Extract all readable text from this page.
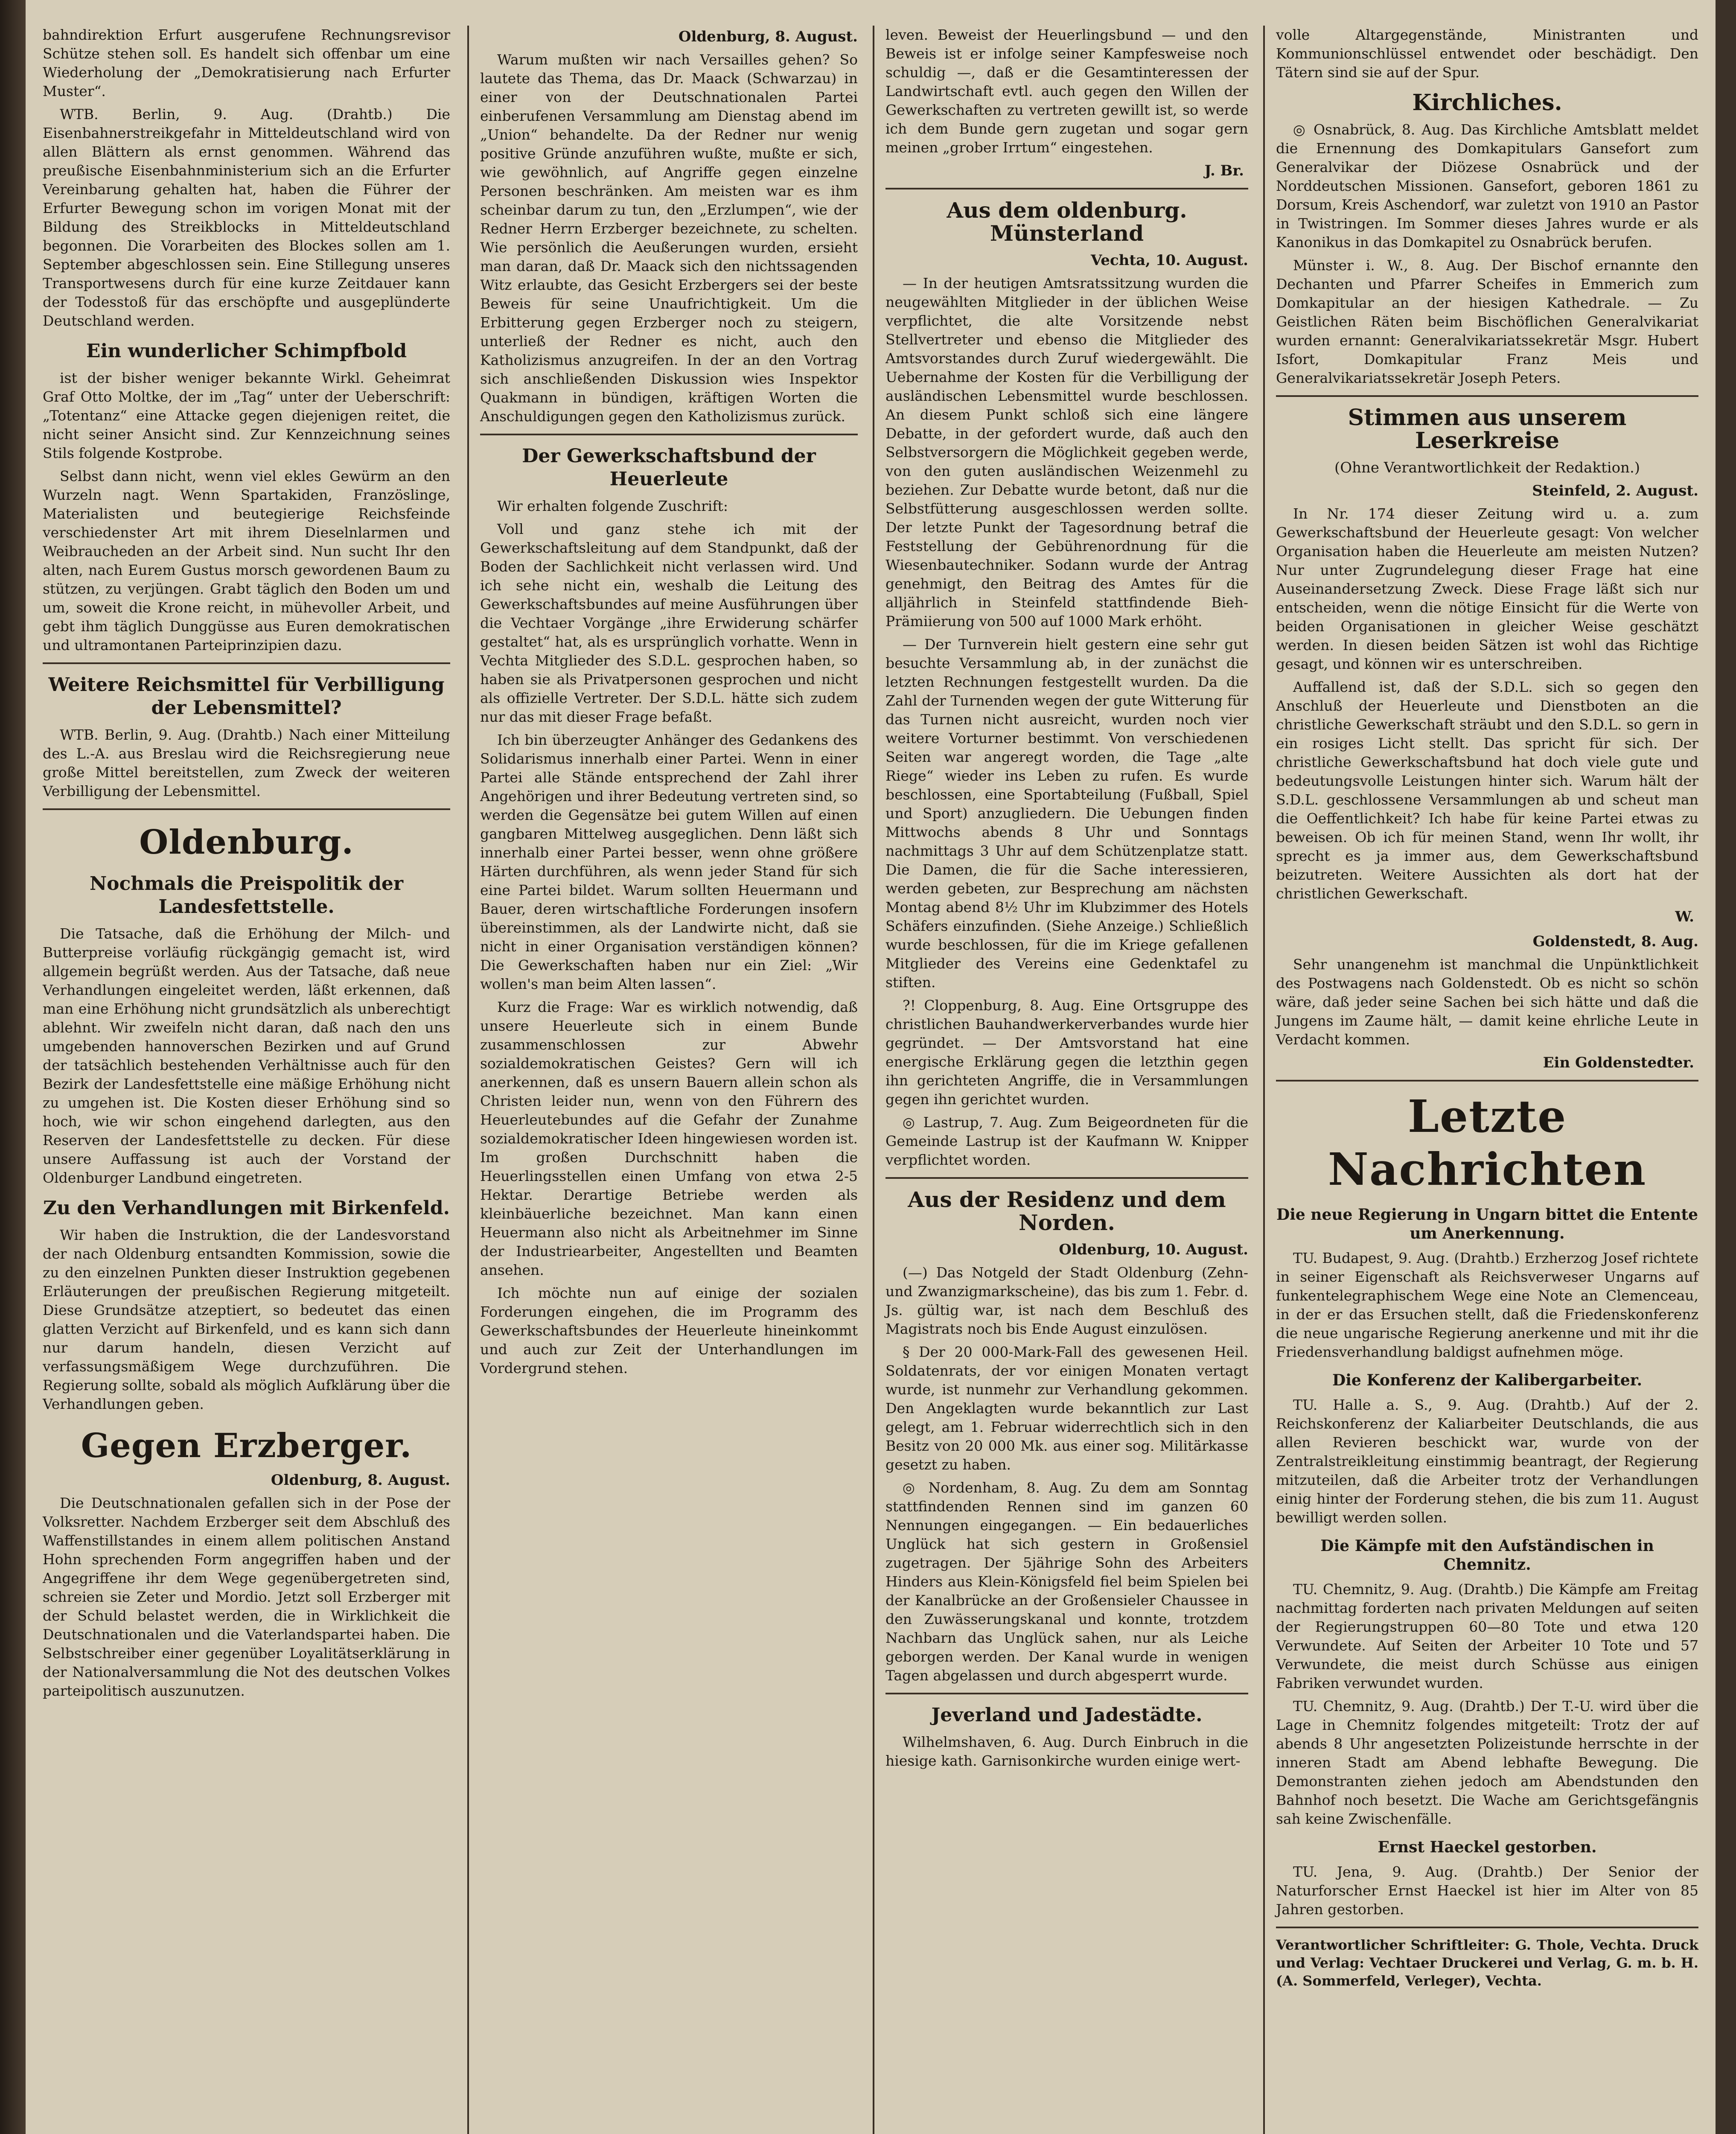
bahndirektion Erfurt ausgerufene Rechnungsrevisor Schütze stehen soll. Es handelt sich offenbar um eine Wiederholung der „Demokratisierung nach Erfurter Muster“.

WTB. Berlin, 9. Aug. (Drahtb.) Die Eisenbahnerstreikgefahr in Mitteldeutschland wird von allen Blättern als ernst genommen. Während das preußische Eisenbahnministerium sich an die Erfurter Vereinbarung gehalten hat, haben die Führer der Erfurter Bewegung schon im vorigen Monat mit der Bildung des Streikblocks in Mitteldeutschland begonnen. Die Vorarbeiten des Blockes sollen am 1. September abgeschlossen sein. Eine Stillegung unseres Transportwesens durch für eine kurze Zeitdauer kann der Todesstoß für das erschöpfte und ausgeplünderte Deutschland werden.

Ein wunderlicher Schimpfbold

ist der bisher weniger bekannte Wirkl. Geheimrat Graf Otto Moltke, der im „Tag“ unter der Ueberschrift: „Totentanz“ eine Attacke gegen diejenigen reitet, die nicht seiner Ansicht sind. Zur Kennzeichnung seines Stils folgende Kostprobe.

Selbst dann nicht, wenn viel ekles Gewürm an den Wurzeln nagt. Wenn Spartakiden, Französlinge, Materialisten und beutegierige Reichsfeinde verschiedenster Art mit ihrem Dieselnlarmen und Weibraucheden an der Arbeit sind. Nun sucht Ihr den alten, nach Eurem Gustus morsch gewordenen Baum zu stützen, zu verjüngen. Grabt täglich den Boden um und um, soweit die Krone reicht, in mühevoller Arbeit, und gebt ihm täglich Dunggüsse aus Euren demokratischen und ultramontanen Parteiprinzipien dazu.

Weitere Reichsmittel für Verbilligung der Lebensmittel?

WTB. Berlin, 9. Aug. (Drahtb.) Nach einer Mitteilung des L.-A. aus Breslau wird die Reichsregierung neue große Mittel bereitstellen, zum Zweck der weiteren Verbilligung der Lebensmittel.

Oldenburg.
Nochmals die Preispolitik der Landesfettstelle.

Die Tatsache, daß die Erhöhung der Milch- und Butterpreise vorläufig rückgängig gemacht ist, wird allgemein begrüßt werden. Aus der Tatsache, daß neue Verhandlungen eingeleitet werden, läßt erkennen, daß man eine Erhöhung nicht grundsätzlich als unberechtigt ablehnt. Wir zweifeln nicht daran, daß nach den uns umgebenden hannoverschen Bezirken und auf Grund der tatsächlich bestehenden Verhältnisse auch für den Bezirk der Landesfettstelle eine mäßige Erhöhung nicht zu umgehen ist. Die Kosten dieser Erhöhung sind so hoch, wie wir schon eingehend darlegten, aus den Reserven der Landesfettstelle zu decken. Für diese unsere Auffassung ist auch der Vorstand der Oldenburger Landbund eingetreten.

Zu den Verhandlungen mit Birkenfeld.

Wir haben die Instruktion, die der Landesvorstand der nach Oldenburg entsandten Kommission, sowie die zu den einzelnen Punkten dieser Instruktion gegebenen Erläuterungen der preußischen Regierung mitgeteilt. Diese Grundsätze atzeptiert, so bedeutet das einen glatten Verzicht auf Birkenfeld, und es kann sich dann nur darum handeln, diesen Verzicht auf verfassungsmäßigem Wege durchzuführen. Die Regierung sollte, sobald als möglich Aufklärung über die Verhandlungen geben.

Gegen Erzberger.
Oldenburg, 8. August.

Die Deutschnationalen gefallen sich in der Pose der Volksretter. Nachdem Erzberger seit dem Abschluß des Waffenstillstandes in einem allem politischen Anstand Hohn sprechenden Form angegriffen haben und der Angegriffene ihr dem Wege gegenübergetreten sind, schreien sie Zeter und Mordio. Jetzt soll Erzberger mit der Schuld belastet werden, die in Wirklichkeit die Deutschnationalen und die Vaterlandspartei haben. Die Selbstschreiber einer gegenüber Loyalitätserklärung in der Nationalversammlung die Not des deutschen Volkes parteipolitisch auszunutzen.

Oldenburg, 8. August.

Warum mußten wir nach Versailles gehen? So lautete das Thema, das Dr. Maack (Schwarzau) in einer von der Deutschnationalen Partei einberufenen Versammlung am Dienstag abend im „Union“ behandelte. Da der Redner nur wenig positive Gründe anzuführen wußte, mußte er sich, wie gewöhnlich, auf Angriffe gegen einzelne Personen beschränken. Am meisten war es ihm scheinbar darum zu tun, den „Erzlumpen“, wie der Redner Herrn Erzberger bezeichnete, zu schelten. Wie persönlich die Aeußerungen wurden, ersieht man daran, daß Dr. Maack sich den nichtssagenden Witz erlaubte, das Gesicht Erzbergers sei der beste Beweis für seine Unaufrichtigkeit. Um die Erbitterung gegen Erzberger noch zu steigern, unterließ der Redner es nicht, auch den Katholizismus anzugreifen. In der an den Vortrag sich anschließenden Diskussion wies Inspektor Quakmann in bündigen, kräftigen Worten die Anschuldigungen gegen den Katholizismus zurück.

Der Gewerkschaftsbund der Heuerleute

Wir erhalten folgende Zuschrift:

Voll und ganz stehe ich mit der Gewerkschaftsleitung auf dem Standpunkt, daß der Boden der Sachlichkeit nicht verlassen wird. Und ich sehe nicht ein, weshalb die Leitung des Gewerkschaftsbundes auf meine Ausführungen über die Vechtaer Vorgänge „ihre Erwiderung schärfer gestaltet“ hat, als es ursprünglich vorhatte. Wenn in Vechta Mitglieder des S.D.L. gesprochen haben, so haben sie als Privatpersonen gesprochen und nicht als offizielle Vertreter. Der S.D.L. hätte sich zudem nur das mit dieser Frage befaßt.

Ich bin überzeugter Anhänger des Gedankens des Solidarismus innerhalb einer Partei. Wenn in einer Partei alle Stände entsprechend der Zahl ihrer Angehörigen und ihrer Bedeutung vertreten sind, so werden die Gegensätze bei gutem Willen auf einen gangbaren Mittelweg ausgeglichen. Denn läßt sich innerhalb einer Partei besser, wenn ohne größere Härten durchführen, als wenn jeder Stand für sich eine Partei bildet. Warum sollten Heuermann und Bauer, deren wirtschaftliche Forderungen insofern übereinstimmen, als der Landwirte nicht, daß sie nicht in einer Organisation verständigen können? Die Gewerkschaften haben nur ein Ziel: „Wir wollen's man beim Alten lassen“.

Kurz die Frage: War es wirklich notwendig, daß unsere Heuerleute sich in einem Bunde zusammenschlossen zur Abwehr sozialdemokratischen Geistes? Gern will ich anerkennen, daß es unsern Bauern allein schon als Christen leider nun, wenn von den Führern des Heuerleutebundes auf die Gefahr der Zunahme sozialdemokratischer Ideen hingewiesen worden ist. Im großen Durchschnitt haben die Heuerlingsstellen einen Umfang von etwa 2-5 Hektar. Derartige Betriebe werden als kleinbäuerliche bezeichnet. Man kann einen Heuermann also nicht als Arbeitnehmer im Sinne der Industriearbeiter, Angestellten und Beamten ansehen.

Ich möchte nun auf einige der sozialen Forderungen eingehen, die im Programm des Gewerkschaftsbundes der Heuerleute hineinkommt und auch zur Zeit der Unterhandlungen im Vordergrund stehen.

leven. Beweist der Heuerlingsbund — und den Beweis ist er infolge seiner Kampfesweise noch schuldig —, daß er die Gesamtinteressen der Landwirtschaft evtl. auch gegen den Willen der Gewerkschaften zu vertreten gewillt ist, so werde ich dem Bunde gern zugetan und sogar gern meinen „grober Irrtum“ eingestehen.

J. Br.
Aus dem oldenburg. Münsterland
Vechta, 10. August.

— In der heutigen Amtsratssitzung wurden die neugewählten Mitglieder in der üblichen Weise verpflichtet, die alte Vorsitzende nebst Stellvertreter und ebenso die Mitglieder des Amtsvorstandes durch Zuruf wiedergewählt. Die Uebernahme der Kosten für die Verbilligung der ausländischen Lebensmittel wurde beschlossen. An diesem Punkt schloß sich eine längere Debatte, in der gefordert wurde, daß auch den Selbstversorgern die Möglichkeit gegeben werde, von den guten ausländischen Weizenmehl zu beziehen. Zur Debatte wurde betont, daß nur die Selbstfütterung ausgeschlossen werden sollte. Der letzte Punkt der Tagesordnung betraf die Feststellung der Gebührenordnung für die Wiesenbautechniker. Sodann wurde der Antrag genehmigt, den Beitrag des Amtes für die alljährlich in Steinfeld stattfindende Bieh-Prämiierung von 500 auf 1000 Mark erhöht.

— Der Turnverein hielt gestern eine sehr gut besuchte Versammlung ab, in der zunächst die letzten Rechnungen festgestellt wurden. Da die Zahl der Turnenden wegen der gute Witterung für das Turnen nicht ausreicht, wurden noch vier weitere Vorturner bestimmt. Von verschiedenen Seiten war angeregt worden, die Tage „alte Riege“ wieder ins Leben zu rufen. Es wurde beschlossen, eine Sportabteilung (Fußball, Spiel und Sport) anzugliedern. Die Uebungen finden Mittwochs abends 8 Uhr und Sonntags nachmittags 3 Uhr auf dem Schützenplatze statt. Die Damen, die für die Sache interessieren, werden gebeten, zur Besprechung am nächsten Montag abend 8½ Uhr im Klubzimmer des Hotels Schäfers einzufinden. (Siehe Anzeige.) Schließlich wurde beschlossen, für die im Kriege gefallenen Mitglieder des Vereins eine Gedenktafel zu stiften.

?! Cloppenburg, 8. Aug. Eine Ortsgruppe des christlichen Bauhandwerkerverbandes wurde hier gegründet. — Der Amtsvorstand hat eine energische Erklärung gegen die letzthin gegen ihn gerichteten Angriffe, die in Versammlungen gegen ihn gerichtet wurden.

◎ Lastrup, 7. Aug. Zum Beigeordneten für die Gemeinde Lastrup ist der Kaufmann W. Knipper verpflichtet worden.

Aus der Residenz und dem Norden.
Oldenburg, 10. August.

(—) Das Notgeld der Stadt Oldenburg (Zehn- und Zwanzigmarkscheine), das bis zum 1. Febr. d. Js. gültig war, ist nach dem Beschluß des Magistrats noch bis Ende August einzulösen.

§ Der 20 000-Mark-Fall des gewesenen Heil. Soldatenrats, der vor einigen Monaten vertagt wurde, ist nunmehr zur Verhandlung gekommen. Den Angeklagten wurde bekanntlich zur Last gelegt, am 1. Februar widerrechtlich sich in den Besitz von 20 000 Mk. aus einer sog. Militärkasse gesetzt zu haben.

◎ Nordenham, 8. Aug. Zu dem am Sonntag stattfindenden Rennen sind im ganzen 60 Nennungen eingegangen. — Ein bedauerliches Unglück hat sich gestern in Großensiel zugetragen. Der 5jährige Sohn des Arbeiters Hinders aus Klein-Königsfeld fiel beim Spielen bei der Kanalbrücke an der Großensieler Chaussee in den Zuwässerungskanal und konnte, trotzdem Nachbarn das Unglück sahen, nur als Leiche geborgen werden. Der Kanal wurde in wenigen Tagen abgelassen und durch abgesperrt wurde.

Jeverland und Jadestädte.

Wilhelmshaven, 6. Aug. Durch Einbruch in die hiesige kath. Garnisonkirche wurden einige wert-

volle Altargegenstände, Ministranten und Kommunionschlüssel entwendet oder beschädigt. Den Tätern sind sie auf der Spur.

Kirchliches.

◎ Osnabrück, 8. Aug. Das Kirchliche Amtsblatt meldet die Ernennung des Domkapitulars Gansefort zum Generalvikar der Diözese Osnabrück und der Norddeutschen Missionen. Gansefort, geboren 1861 zu Dorsum, Kreis Aschendorf, war zuletzt von 1910 an Pastor in Twistringen. Im Sommer dieses Jahres wurde er als Kanonikus in das Domkapitel zu Osnabrück berufen.

Münster i. W., 8. Aug. Der Bischof ernannte den Dechanten und Pfarrer Scheifes in Emmerich zum Domkapitular an der hiesigen Kathedrale. — Zu Geistlichen Räten beim Bischöflichen Generalvikariat wurden ernannt: Generalvikariatssekretär Msgr. Hubert Isfort, Domkapitular Franz Meis und Generalvikariatssekretär Joseph Peters.

Stimmen aus unserem Leserkreise
(Ohne Verantwortlichkeit der Redaktion.)
Steinfeld, 2. August.

In Nr. 174 dieser Zeitung wird u. a. zum Gewerkschaftsbund der Heuerleute gesagt: Von welcher Organisation haben die Heuerleute am meisten Nutzen? Nur unter Zugrundelegung dieser Frage hat eine Auseinandersetzung Zweck. Diese Frage läßt sich nur entscheiden, wenn die nötige Einsicht für die Werte von beiden Organisationen in gleicher Weise geschätzt werden. In diesen beiden Sätzen ist wohl das Richtige gesagt, und können wir es unterschreiben.

Auffallend ist, daß der S.D.L. sich so gegen den Anschluß der Heuerleute und Dienstboten an die christliche Gewerkschaft sträubt und den S.D.L. so gern in ein rosiges Licht stellt. Das spricht für sich. Der christliche Gewerkschaftsbund hat doch viele gute und bedeutungsvolle Leistungen hinter sich. Warum hält der S.D.L. geschlossene Versammlungen ab und scheut man die Oeffentlichkeit? Ich habe für keine Partei etwas zu beweisen. Ob ich für meinen Stand, wenn Ihr wollt, ihr sprecht es ja immer aus, dem Gewerkschaftsbund beizutreten. Weitere Aussichten als dort hat der christlichen Gewerkschaft.

W.
Goldenstedt, 8. Aug.

Sehr unangenehm ist manchmal die Unpünktlichkeit des Postwagens nach Goldenstedt. Ob es nicht so schön wäre, daß jeder seine Sachen bei sich hätte und daß die Jungens im Zaume hält, — damit keine ehrliche Leute in Verdacht kommen.

Ein Goldenstedter.
Letzte Nachrichten
Die neue Regierung in Ungarn bittet die Entente um Anerkennung.

TU. Budapest, 9. Aug. (Drahtb.) Erzherzog Josef richtete in seiner Eigenschaft als Reichsverweser Ungarns auf funkentelegraphischem Wege eine Note an Clemenceau, in der er das Ersuchen stellt, daß die Friedenskonferenz die neue ungarische Regierung anerkenne und mit ihr die Friedensverhandlung baldigst aufnehmen möge.

Die Konferenz der Kalibergarbeiter.

TU. Halle a. S., 9. Aug. (Drahtb.) Auf der 2. Reichskonferenz der Kaliarbeiter Deutschlands, die aus allen Revieren beschickt war, wurde von der Zentralstreikleitung einstimmig beantragt, der Regierung mitzuteilen, daß die Arbeiter trotz der Verhandlungen einig hinter der Forderung stehen, die bis zum 11. August bewilligt werden sollen.

Die Kämpfe mit den Aufständischen in Chemnitz.

TU. Chemnitz, 9. Aug. (Drahtb.) Die Kämpfe am Freitag nachmittag forderten nach privaten Meldungen auf seiten der Regierungstruppen 60—80 Tote und etwa 120 Verwundete. Auf Seiten der Arbeiter 10 Tote und 57 Verwundete, die meist durch Schüsse aus einigen Fabriken verwundet wurden.

TU. Chemnitz, 9. Aug. (Drahtb.) Der T.-U. wird über die Lage in Chemnitz folgendes mitgeteilt: Trotz der auf abends 8 Uhr angesetzten Polizeistunde herrschte in der inneren Stadt am Abend lebhafte Bewegung. Die Demonstranten ziehen jedoch am Abendstunden den Bahnhof noch besetzt. Die Wache am Gerichtsgefängnis sah keine Zwischenfälle.

Ernst Haeckel gestorben.

TU. Jena, 9. Aug. (Drahtb.) Der Senior der Naturforscher Ernst Haeckel ist hier im Alter von 85 Jahren gestorben.

Verantwortlicher Schriftleiter: G. Thole, Vechta. Druck und Verlag: Vechtaer Druckerei und Verlag, G. m. b. H. (A. Sommerfeld, Verleger), Vechta.
